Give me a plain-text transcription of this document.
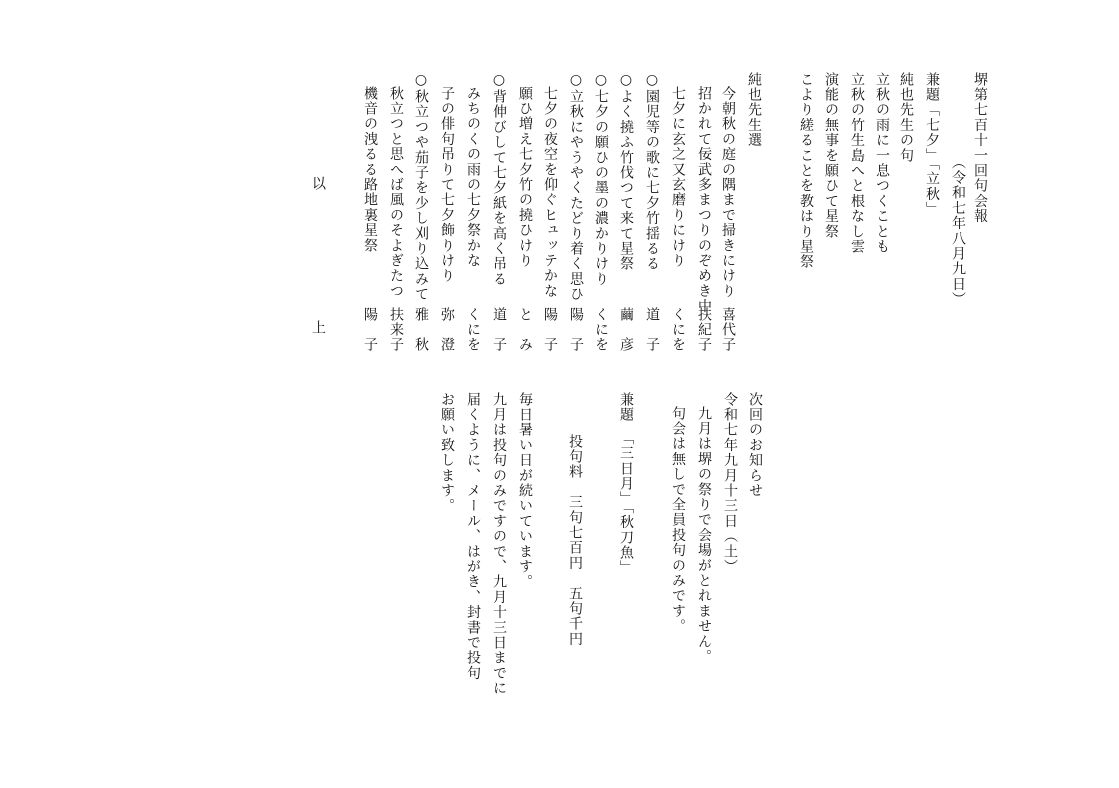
堺第七百十一回句会報

（令和七年八月九日）

兼題「七夕」「立秋」

純也先生の句

立秋の雨に一息つくことも

立秋の竹生島へと根なし雲

演能の無事を願ひて星祭

こより縒ることを教はり星祭

純也先生選

今朝秋の庭の隅まで掃きにけり

喜代子

招かれて佞武多まつりのぞめき中

扶紀子

七夕に玄之又玄磨りにけり

くにを

○園児等の歌に七夕竹揺るる

道　子

○よく撓ふ竹伐つて来て星祭

繭　彦

○七夕の願ひの墨の濃かりけり

くにを

○立秋にやうやくたどり着く思ひ

陽　子

七夕の夜空を仰ぐヒュッテかな

陽　子

願ひ増え七夕竹の撓ひけり

と　み

○背伸びして七夕紙を高く吊る

道　子

みちのくの雨の七夕祭かな

くにを

子の俳句吊りて七夕飾りけり

弥　澄

○秋立つや茄子を少し刈り込みて

雅　秋

秋立つと思へば風のそよぎたつ

扶来子

機音の洩るる路地裏星祭

陽　子
以
上

次回のお知らせ

令和七年九月十三日（土）

九月は堺の祭りで会場がとれません。

句会は無しで全員投句のみです。

兼題　「三日月」「秋刀魚」

投句料　三句七百円　五句千円

毎日暑い日が続いています。

九月は投句のみですので、九月十三日までに

届くように、メール、はがき、封書で投句

お願い致します。
